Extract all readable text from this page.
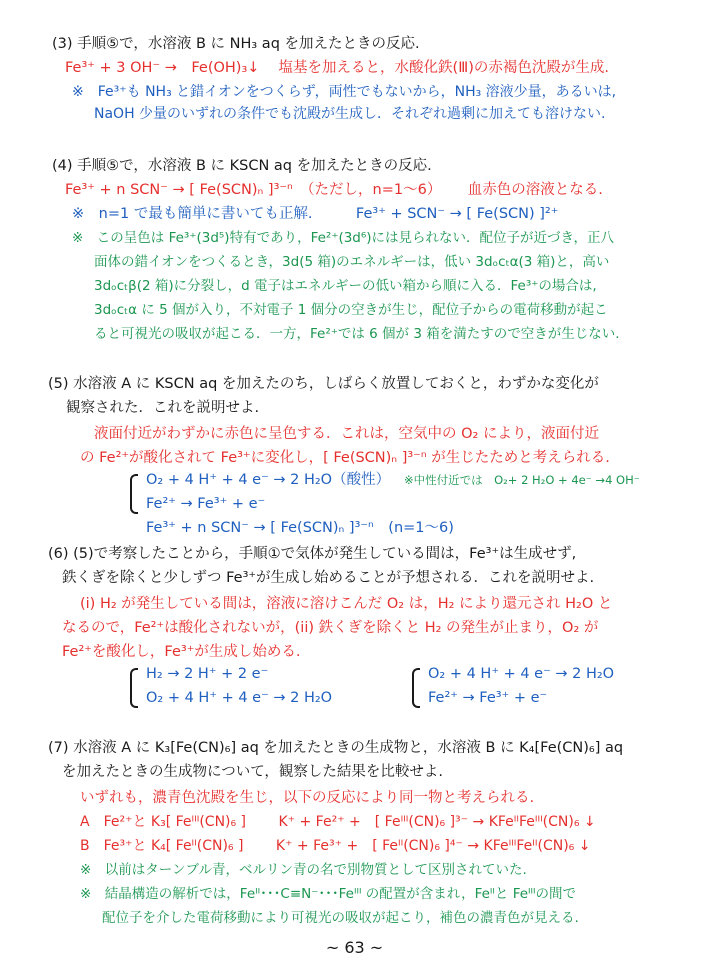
(3) 手順⑤で，水溶液 B に NH₃ aq を加えたときの反応.
Fe³⁺ + 3 OH⁻ →　Fe(OH)₃↓　 塩基を加えると，水酸化鉄(Ⅲ)の赤褐色沈殿が生成.
※　Fe³⁺も NH₃ と錯イオンをつくらず，両性でもないから，NH₃ 溶液少量，あるいは,
NaOH 少量のいずれの条件でも沈殿が生成し．それぞれ過剰に加えても溶けない.
(4) 手順⑤で，水溶液 B に KSCN aq を加えたときの反応.
Fe³⁺ + n SCN⁻ → [ Fe(SCN)ₙ ]³⁻ⁿ　（ただし，n=1〜6）　　 血赤色の溶液となる.
※　n=1 で最も簡単に書いても正解.　　　Fe³⁺ + SCN⁻ → [ Fe(SCN) ]²⁺
※　この呈色は Fe³⁺(3d⁵)特有であり，Fe²⁺(3d⁶)には見られない．配位子が近づき，正八
面体の錯イオンをつくるとき，3d(5 箱)のエネルギーは，低い 3dₒcₜα(3 箱)と，高い
3dₒcₜβ(2 箱)に分裂し，d 電子はエネルギーの低い箱から順に入る．Fe³⁺の場合は,
3dₒcₜα に 5 個が入り，不対電子 1 個分の空きが生じ，配位子からの電荷移動が起こ
ると可視光の吸収が起こる．一方，Fe²⁺では 6 個が 3 箱を満たすので空きが生じない.
(5) 水溶液 A に KSCN aq を加えたのち，しばらく放置しておくと，わずかな変化が
観察された．これを説明せよ.
液面付近がわずかに赤色に呈色する．これは，空気中の O₂ により，液面付近
の Fe²⁺が酸化されて Fe³⁺に変化し，[ Fe(SCN)ₙ ]³⁻ⁿ が生じたためと考えられる.
O₂ + 4 H⁺ + 4 e⁻ → 2 H₂O（酸性） ※中性付近では　O₂+ 2 H₂O + 4e⁻ →4 OH⁻
Fe²⁺ → Fe³⁺ + e⁻
Fe³⁺ + n SCN⁻ → [ Fe(SCN)ₙ ]³⁻ⁿ　(n=1〜6)
(6) (5)で考察したことから，手順①で気体が発生している間は，Fe³⁺は生成せず,
鉄くぎを除くと少しずつ Fe³⁺が生成し始めることが予想される．これを説明せよ.
(i) H₂ が発生している間は，溶液に溶けこんだ O₂ は，H₂ により還元され H₂O と
なるので，Fe²⁺は酸化されないが，(ii) 鉄くぎを除くと H₂ の発生が止まり，O₂ が
Fe²⁺を酸化し，Fe³⁺が生成し始める.
H₂ → 2 H⁺ + 2 e⁻
O₂ + 4 H⁺ + 4 e⁻ → 2 H₂O
O₂ + 4 H⁺ + 4 e⁻ → 2 H₂O
Fe²⁺ → Fe³⁺ + e⁻
(7) 水溶液 A に K₃[Fe(CN)₆] aq を加えたときの生成物と，水溶液 B に K₄[Fe(CN)₆] aq
を加えたときの生成物について，観察した結果を比較せよ.
いずれも，濃青色沈殿を生じ，以下の反応により同一物と考えられる.
A　Fe²⁺と K₃[ Feᴵᴵᴵ(CN)₆ ]　　 K⁺ + Fe²⁺ +　[ Feᴵᴵᴵ(CN)₆ ]³⁻ → KFeᴵᴵFeᴵᴵᴵ(CN)₆ ↓
B　Fe³⁺と K₄[ Feᴵᴵ(CN)₆ ]　　 K⁺ + Fe³⁺ +　[ Feᴵᴵ(CN)₆ ]⁴⁻ → KFeᴵᴵᴵFeᴵᴵ(CN)₆ ↓
※　以前はターンブル青，ベルリン青の名で別物質として区別されていた.
※　結晶構造の解析では，Feᴵᴵ･･･C≡N⁻･･･Feᴵᴵᴵ の配置が含まれ，Feᴵᴵと Feᴵᴵᴵの間で
配位子を介した電荷移動により可視光の吸収が起こり，補色の濃青色が見える.
~ 63 ~
